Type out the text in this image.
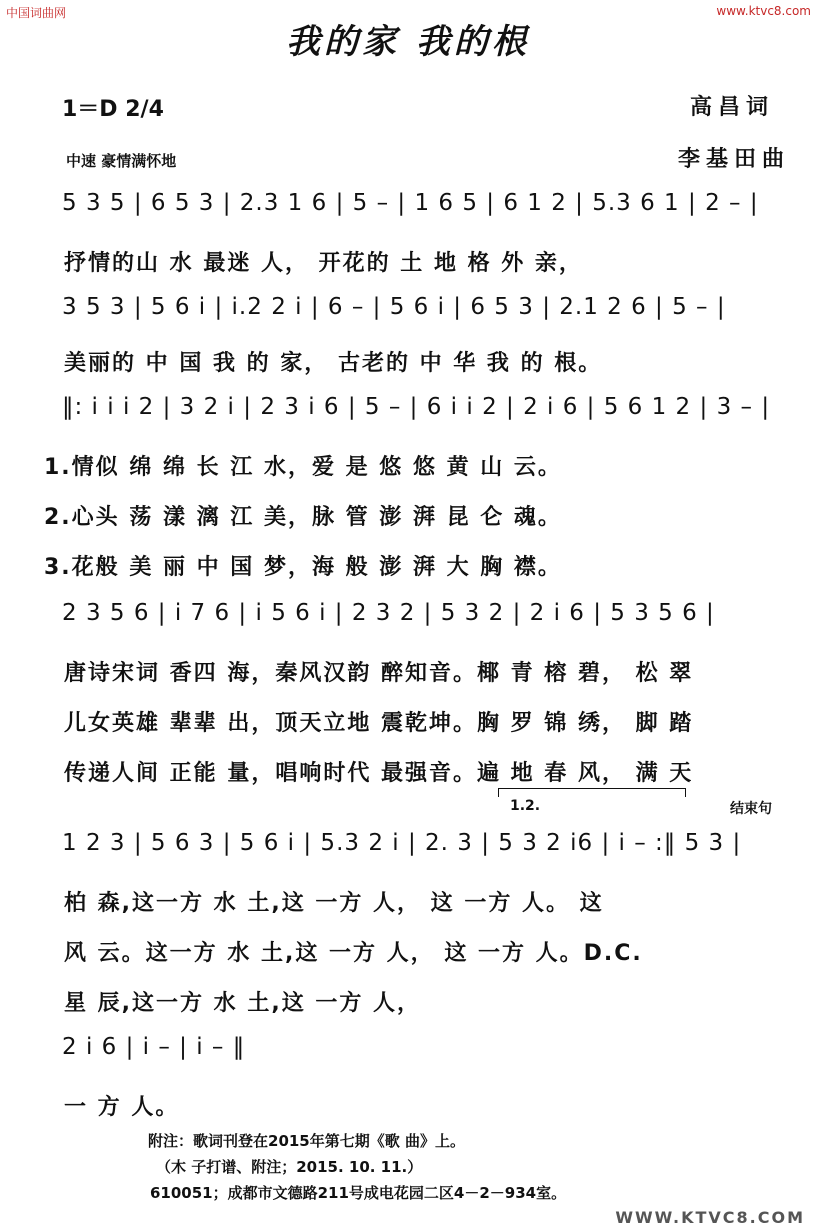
中国词曲网	www.ktvc8.com
我的家 我的根
1＝D 2/4	高昌词
李基田曲
中速 豪情满怀地
5 3 5 | 6 5 3 | 2.3 1 6 | 5 – | 1 6 5 | 6 1 2 | 5.3 6 1 | 2 – |
抒情的山 水 最迷 人， 开花的 土 地 格 外 亲，
3 5 3 | 5 6 i | i.2 2 i | 6 – | 5 6 i | 6 5 3 | 2.1 2 6 | 5 – |
美丽的 中 国 我 的 家， 古老的 中 华 我 的 根。
‖: i i i 2 | 3 2 i | 2 3 i 6 | 5 – | 6 i i 2 | 2 i 6 | 5 6 1 2 | 3 – |
1.情似 绵 绵 长 江 水，爱 是 悠 悠 黄 山 云。
2.心头 荡 漾 漓 江 美，脉 管 澎 湃 昆 仑 魂。
3.花般 美 丽 中 国 梦，海 般 澎 湃 大 胸 襟。
2 3 5 6 | i 7 6 | i 5 6 i | 2 3 2 | 5 3 2 | 2 i 6 | 5 3 5 6 |
唐诗宋词 香四 海，秦风汉韵 醉知音。椰 青 榕 碧， 松 翠
儿女英雄 辈辈 出，顶天立地 震乾坤。胸 罗 锦 绣， 脚 踏
传递人间 正能 量，唱响时代 最强音。遍 地 春 风， 满 天
1.2.	结束句
1 2 3 | 5 6 3 | 5 6 i | 5.3 2 i | 2. 3 | 5 3 2 i6 | i – :‖ 5 3 |
柏 森,这一方 水 土,这 一方 人， 这 一方 人。 这
风 云。这一方 水 土,这 一方 人， 这 一方 人。D.C.
星 辰,这一方 水 土,这 一方 人，
2 i 6 | i – | i – ‖
一 方 人。
附注：歌词刊登在2015年第七期《歌 曲》上。
（木 子打谱、附注；2015. 10. 11.）
610051；成都市文德路211号成电花园二区4－2－934室。
WWW.KTVC8.COM
